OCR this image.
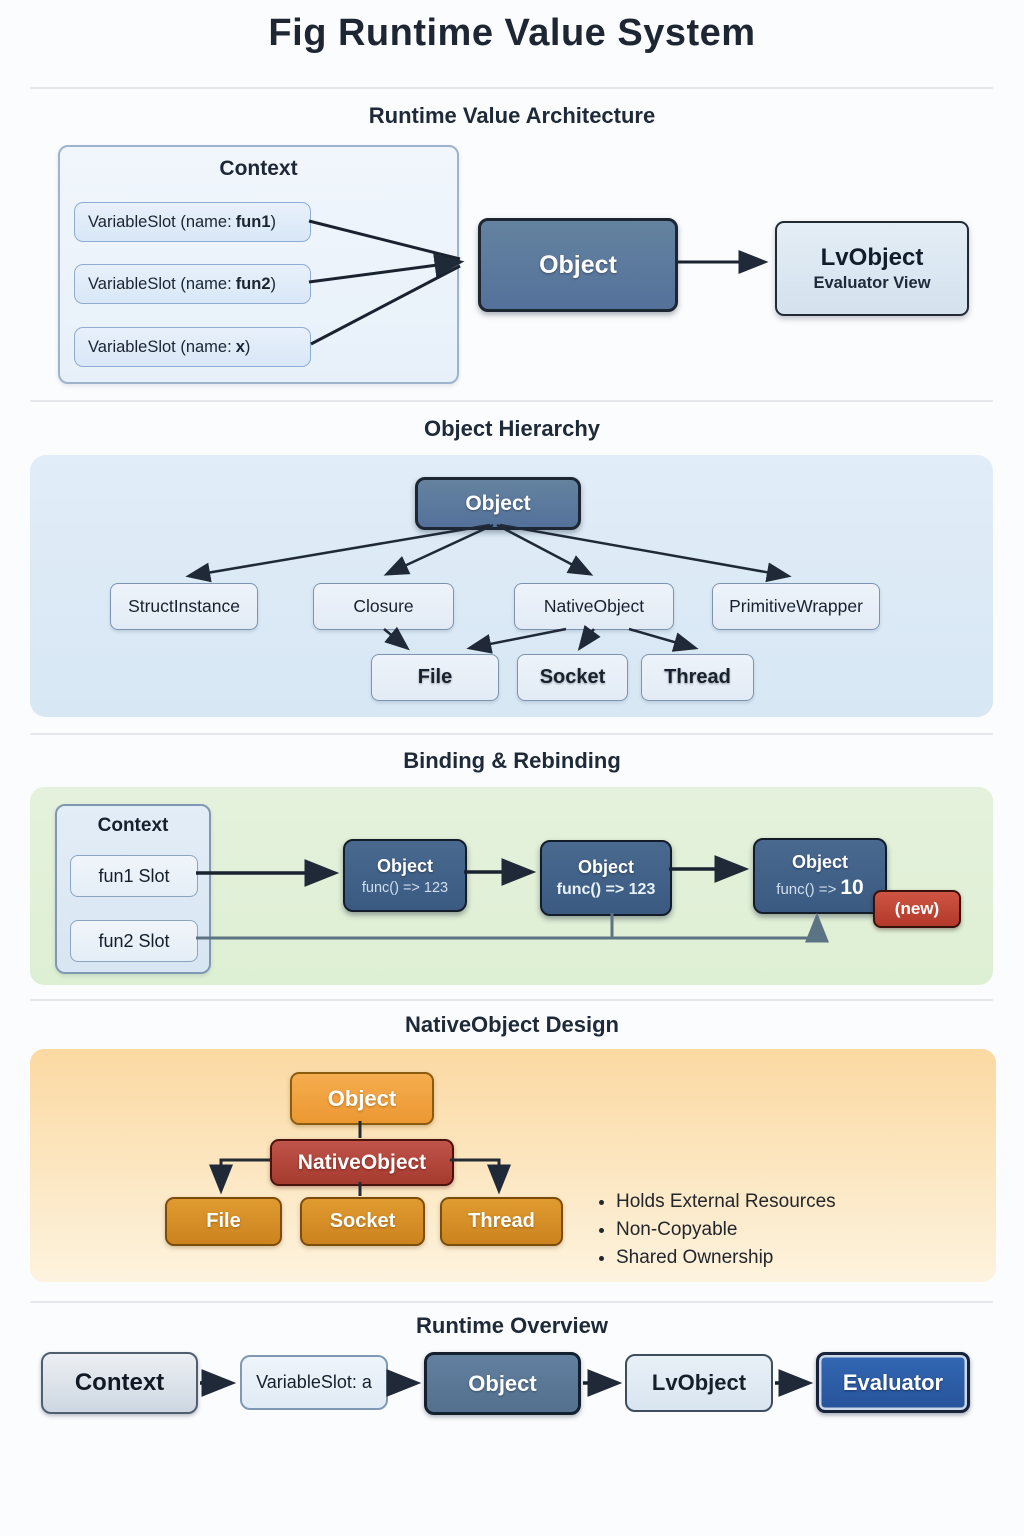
Fig Runtime Value System
Runtime Value Architecture
Context
VariableSlot (name: fun1 )
VariableSlot (name: fun2 )
VariableSlot (name: x )
Object	LvObject
Evaluator View
Object Hierarchy
Object
StructInstance	Closure	NativeObject	PrimitiveWrapper
File	Socket	Thread
Binding & Rebinding
Context
fun1 Slot
fun2 Slot
Object
func() => 123
Object
func() => 123
Object
func() => 10
(new)
NativeObject Design
Object
NativeObject
File	Socket	Thread
• Holds External Resources
• Non-Copyable
• Shared Ownership
Runtime Overview
Context	VariableSlot: a	Object	LvObject	Evaluator
